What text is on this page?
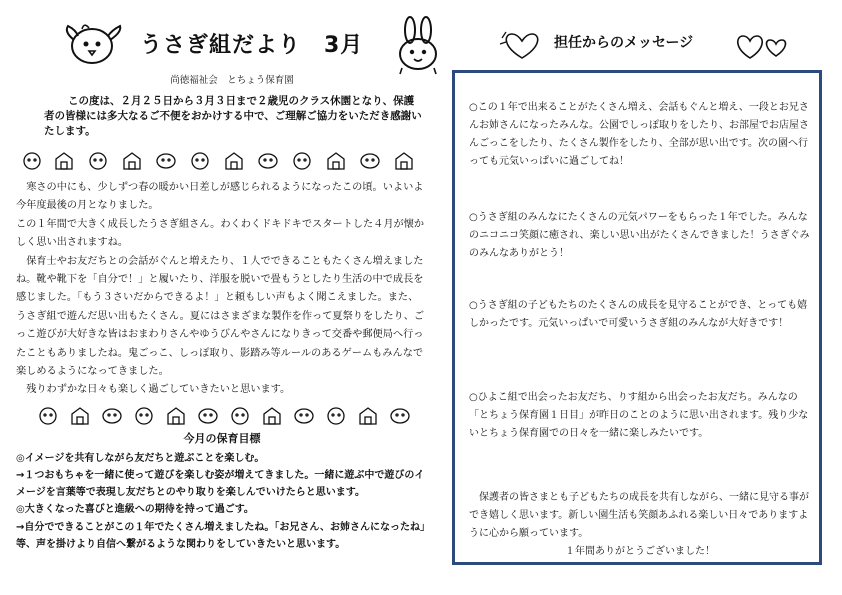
うさぎ組だより　3月
尚徳福祉会　とちょう保育園
この度は、２月２５日から３月３日まで２歳児のクラス休園となり、保護者の皆様には多大なるご不便をおかけする中で、ご理解ご協力をいただき感謝いたします。

寒さの中にも、少しずつ春の暖かい日差しが感じられるようになったこの頃。いよいよ今年度最後の月となりました。

この１年間で大きく成長したうさぎ組さん。わくわくドキドキでスタートした４月が懐かしく思い出されますね。

保育士やお友だちとの会話がぐんと増えたり、１人でできることもたくさん増えましたね。靴や靴下を「自分で！」と履いたり、洋服を脱いで畳もうとしたり生活の中で成長を感じました。「もう３さいだからできるよ！」と頼もしい声もよく聞こえました。また、うさぎ組で遊んだ思い出もたくさん。夏にはさまざまな製作を作って夏祭りをしたり、ごっこ遊びが大好きな皆はおまわりさんやゆうびんやさんになりきって交番や郵便局へ行ったこともありましたね。鬼ごっこ、しっぽ取り、影踏み等ルールのあるゲームもみんなで楽しめるようになってきました。

残りわずかな日々も楽しく過ごしていきたいと思います。

今月の保育目標

◎イメージを共有しながら友だちと遊ぶことを楽しむ。

→１つおもちゃを一緒に使って遊びを楽しむ姿が増えてきました。一緒に遊ぶ中で遊びのイメージを言葉等で表現し友だちとのやり取りを楽しんでいけたらと思います。

◎大きくなった喜びと進級への期待を持って過ごす。

→自分でできることがこの１年でたくさん増えましたね。「お兄さん、お姉さんになったね」等、声を掛けより自信へ繋がるような関わりをしていきたいと思います。

担任からのメッセージ

○この１年で出来ることがたくさん増え、会話もぐんと増え、一段とお兄さんお姉さんになったみんな。公園でしっぽ取りをしたり、お部屋でお店屋さんごっこをしたり、たくさん製作をしたり、全部が思い出です。次の園へ行っても元気いっぱいに過ごしてね！

○うさぎ組のみんなにたくさんの元気パワーをもらった１年でした。みんなのニコニコ笑顔に癒され、楽しい思い出がたくさんできました！うさぎぐみのみんなありがとう！

○うさぎ組の子どもたちのたくさんの成長を見守ることができ、とっても嬉しかったです。元気いっぱいで可愛いうさぎ組のみんなが大好きです！

○ひよこ組で出会ったお友だち、りす組から出会ったお友だち。みんなの「とちょう保育園１日目」が昨日のことのように思い出されます。残り少ないとちょう保育園での日々を一緒に楽しみたいです。

保護者の皆さまとも子どもたちの成長を共有しながら、一緒に見守る事ができ嬉しく思います。新しい園生活も笑顔あふれる楽しい日々でありますように心から願っています。
１年間ありがとうございました！
